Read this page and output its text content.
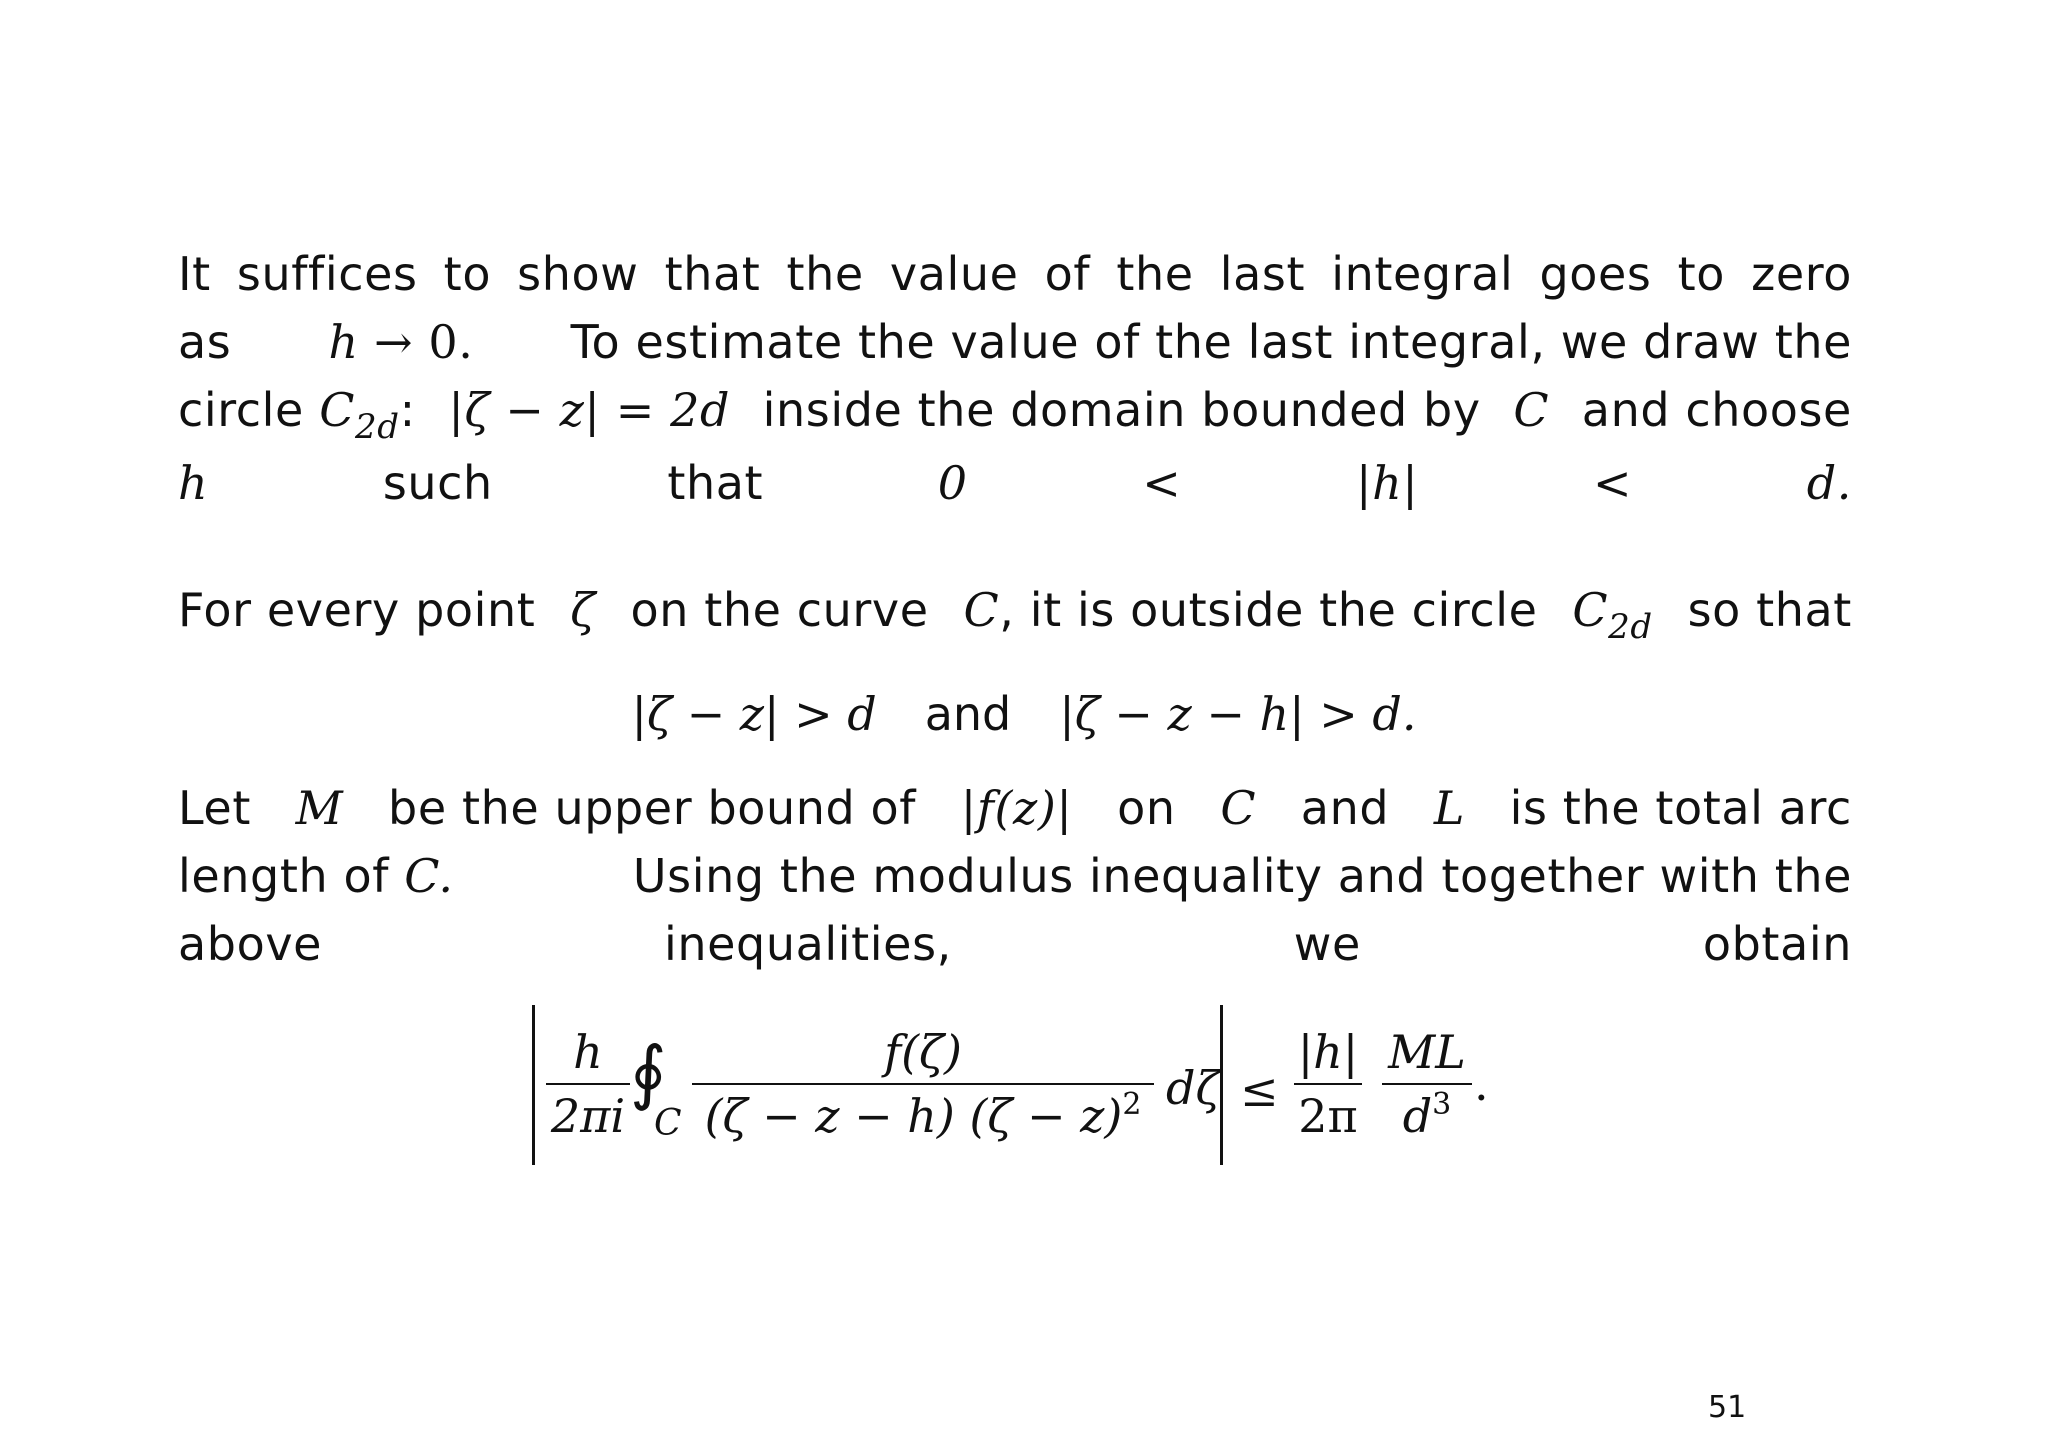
It suffices to show that the value of the last integral goes to zero
as h → 0. To estimate the value of the last integral, we draw the
circle $C_{2d}$: |ζ − z| = 2d inside the domain bounded by C and choose
h	such that	0 < |h| < d.
For every point ζ on the curve C, it is outside the circle $C_{2d}$ so that
|ζ − z| > d and |ζ − z − h| > d.
Let M be the upper bound of |f(z)| on C and L is the total arc
length of C.	Using the modulus inequality and together with the
above inequalities, we obtain
h
2πi
∮
C
f(ζ)
(ζ − z − h) $(\zeta - z)^2$ dζ ≤
|h|
2π
ML
$d^3$ .
51
